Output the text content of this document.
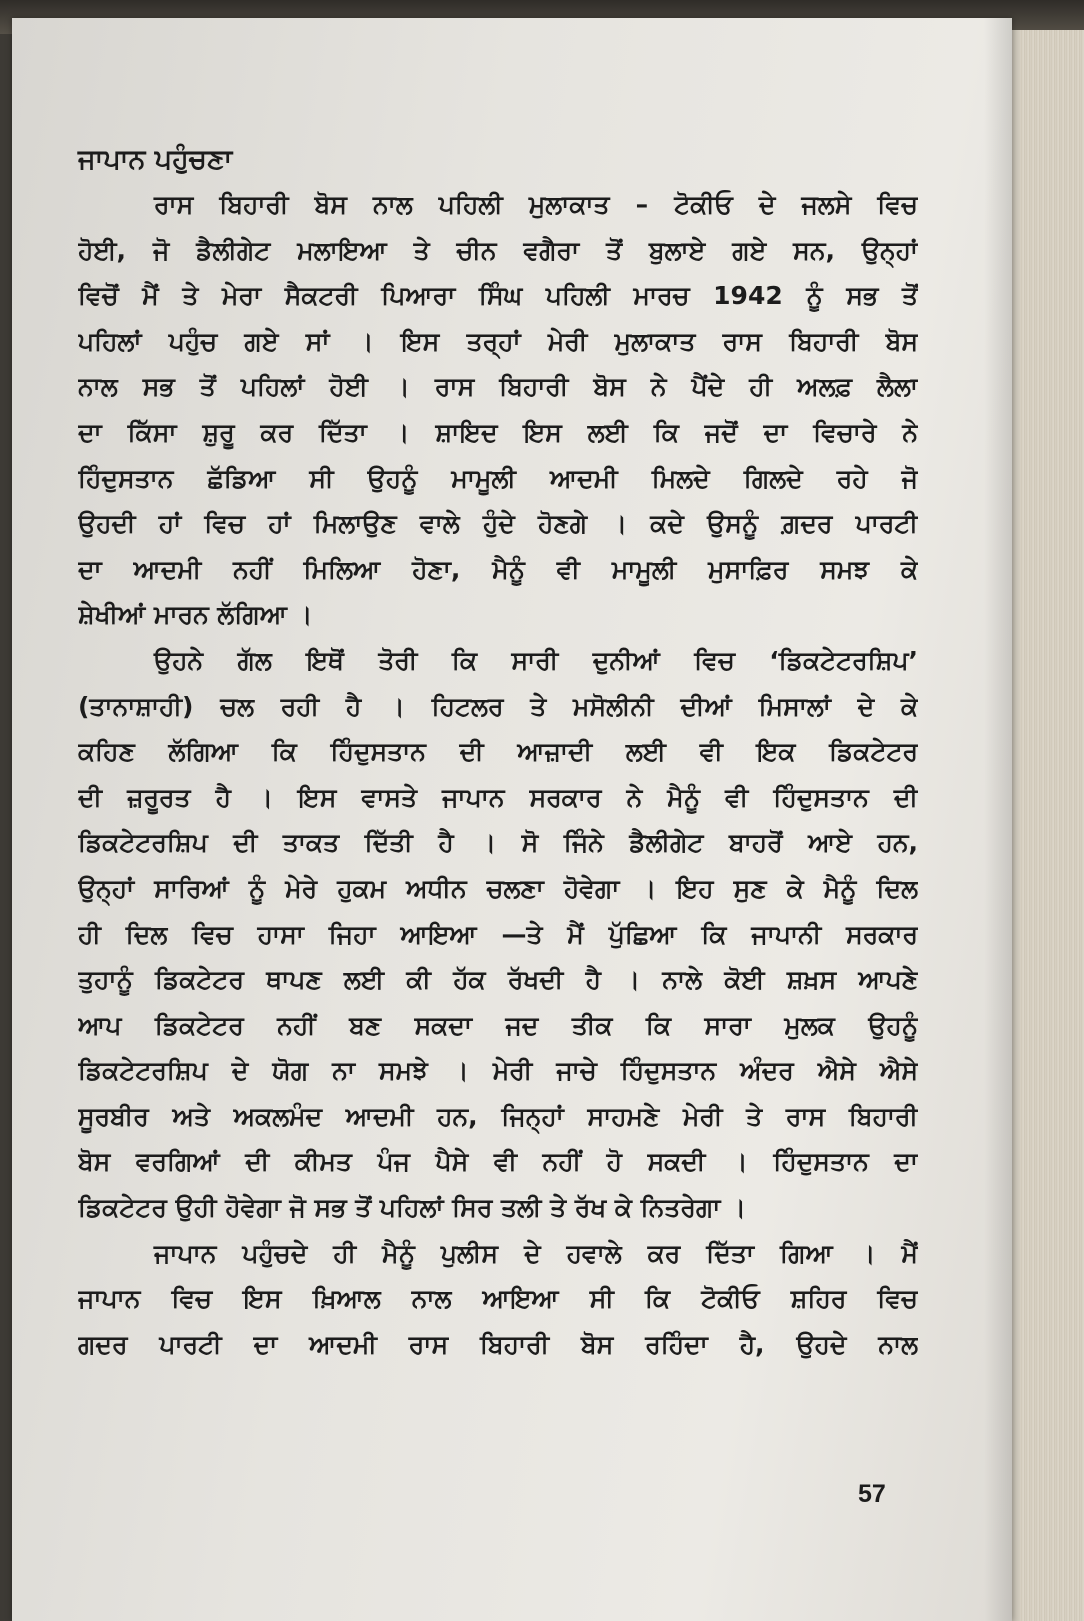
ਜਾਪਾਨ ਪਹੁੰਚਣਾ
ਰਾਸ ਬਿਹਾਰੀ ਬੋਸ ਨਾਲ ਪਹਿਲੀ ਮੁਲਾਕਾਤ – ਟੋਕੀਓ ਦੇ ਜਲਸੇ ਵਿਚ
ਹੋਈ, ਜੋ ਡੈਲੀਗੇਟ ਮਲਾਇਆ ਤੇ ਚੀਨ ਵਗੈਰਾ ਤੋਂ ਬੁਲਾਏ ਗਏ ਸਨ, ਉਨ੍ਹਾਂ
ਵਿਚੋਂ ਮੈਂ ਤੇ ਮੇਰਾ ਸੈਕਟਰੀ ਪਿਆਰਾ ਸਿੰਘ ਪਹਿਲੀ ਮਾਰਚ 1942 ਨੂੰ ਸਭ ਤੋਂ
ਪਹਿਲਾਂ ਪਹੁੰਚ ਗਏ ਸਾਂ । ਇਸ ਤਰ੍ਹਾਂ ਮੇਰੀ ਮੁਲਾਕਾਤ ਰਾਸ ਬਿਹਾਰੀ ਬੋਸ
ਨਾਲ ਸਭ ਤੋਂ ਪਹਿਲਾਂ ਹੋਈ । ਰਾਸ ਬਿਹਾਰੀ ਬੋਸ ਨੇ ਪੈਂਦੇ ਹੀ ਅਲਫ਼ ਲੈਲਾ
ਦਾ ਕਿੱਸਾ ਸ਼ੁਰੂ ਕਰ ਦਿੱਤਾ । ਸ਼ਾਇਦ ਇਸ ਲਈ ਕਿ ਜਦੋਂ ਦਾ ਵਿਚਾਰੇ ਨੇ
ਹਿੰਦੁਸਤਾਨ ਛੱਡਿਆ ਸੀ ਉਹਨੂੰ ਮਾਮੂਲੀ ਆਦਮੀ ਮਿਲਦੇ ਗਿਲਦੇ ਰਹੇ ਜੋ
ਉਹਦੀ ਹਾਂ ਵਿਚ ਹਾਂ ਮਿਲਾਉਣ ਵਾਲੇ ਹੁੰਦੇ ਹੋਣਗੇ । ਕਦੇ ਉਸਨੂੰ ਗ਼ਦਰ ਪਾਰਟੀ
ਦਾ ਆਦਮੀ ਨਹੀਂ ਮਿਲਿਆ ਹੋਣਾ, ਮੈਨੂੰ ਵੀ ਮਾਮੂਲੀ ਮੁਸਾਫ਼ਿਰ ਸਮਝ ਕੇ
ਸ਼ੇਖੀਆਂ ਮਾਰਨ ਲੱਗਿਆ ।
ਉਹਨੇ ਗੱਲ ਇਥੋਂ ਤੋਰੀ ਕਿ ਸਾਰੀ ਦੁਨੀਆਂ ਵਿਚ ‘ਡਿਕਟੇਟਰਸ਼ਿਪ’
(ਤਾਨਾਸ਼ਾਹੀ) ਚਲ ਰਹੀ ਹੈ । ਹਿਟਲਰ ਤੇ ਮਸੋਲੀਨੀ ਦੀਆਂ ਮਿਸਾਲਾਂ ਦੇ ਕੇ
ਕਹਿਣ ਲੱਗਿਆ ਕਿ ਹਿੰਦੁਸਤਾਨ ਦੀ ਆਜ਼ਾਦੀ ਲਈ ਵੀ ਇਕ ਡਿਕਟੇਟਰ
ਦੀ ਜ਼ਰੂਰਤ ਹੈ । ਇਸ ਵਾਸਤੇ ਜਾਪਾਨ ਸਰਕਾਰ ਨੇ ਮੈਨੂੰ ਵੀ ਹਿੰਦੁਸਤਾਨ ਦੀ
ਡਿਕਟੇਟਰਸ਼ਿਪ ਦੀ ਤਾਕਤ ਦਿੱਤੀ ਹੈ । ਸੋ ਜਿੰਨੇ ਡੈਲੀਗੇਟ ਬਾਹਰੋਂ ਆਏ ਹਨ,
ਉਨ੍ਹਾਂ ਸਾਰਿਆਂ ਨੂੰ ਮੇਰੇ ਹੁਕਮ ਅਧੀਨ ਚਲਣਾ ਹੋਵੇਗਾ । ਇਹ ਸੁਣ ਕੇ ਮੈਨੂੰ ਦਿਲ
ਹੀ ਦਿਲ ਵਿਚ ਹਾਸਾ ਜਿਹਾ ਆਇਆ —ਤੇ ਮੈਂ ਪੁੱਛਿਆ ਕਿ ਜਾਪਾਨੀ ਸਰਕਾਰ
ਤੁਹਾਨੂੰ ਡਿਕਟੇਟਰ ਥਾਪਣ ਲਈ ਕੀ ਹੱਕ ਰੱਖਦੀ ਹੈ । ਨਾਲੇ ਕੋਈ ਸ਼ਖ਼ਸ ਆਪਣੇ
ਆਪ ਡਿਕਟੇਟਰ ਨਹੀਂ ਬਣ ਸਕਦਾ ਜਦ ਤੀਕ ਕਿ ਸਾਰਾ ਮੁਲਕ ਉਹਨੂੰ
ਡਿਕਟੇਟਰਸ਼ਿਪ ਦੇ ਯੋਗ ਨਾ ਸਮਝੇ । ਮੇਰੀ ਜਾਚੇ ਹਿੰਦੁਸਤਾਨ ਅੰਦਰ ਐਸੇ ਐਸੇ
ਸੂਰਬੀਰ ਅਤੇ ਅਕਲਮੰਦ ਆਦਮੀ ਹਨ, ਜਿਨ੍ਹਾਂ ਸਾਹਮਣੇ ਮੇਰੀ ਤੇ ਰਾਸ ਬਿਹਾਰੀ
ਬੋਸ ਵਰਗਿਆਂ ਦੀ ਕੀਮਤ ਪੰਜ ਪੈਸੇ ਵੀ ਨਹੀਂ ਹੋ ਸਕਦੀ । ਹਿੰਦੁਸਤਾਨ ਦਾ
ਡਿਕਟੇਟਰ ਉਹੀ ਹੋਵੇਗਾ ਜੋ ਸਭ ਤੋਂ ਪਹਿਲਾਂ ਸਿਰ ਤਲੀ ਤੇ ਰੱਖ ਕੇ ਨਿਤਰੇਗਾ ।
ਜਾਪਾਨ ਪਹੁੰਚਦੇ ਹੀ ਮੈਨੂੰ ਪੁਲੀਸ ਦੇ ਹਵਾਲੇ ਕਰ ਦਿੱਤਾ ਗਿਆ । ਮੈਂ
ਜਾਪਾਨ ਵਿਚ ਇਸ ਖ਼ਿਆਲ ਨਾਲ ਆਇਆ ਸੀ ਕਿ ਟੋਕੀਓ ਸ਼ਹਿਰ ਵਿਚ
ਗਦਰ ਪਾਰਟੀ ਦਾ ਆਦਮੀ ਰਾਸ ਬਿਹਾਰੀ ਬੋਸ ਰਹਿੰਦਾ ਹੈ, ਉਹਦੇ ਨਾਲ
57
